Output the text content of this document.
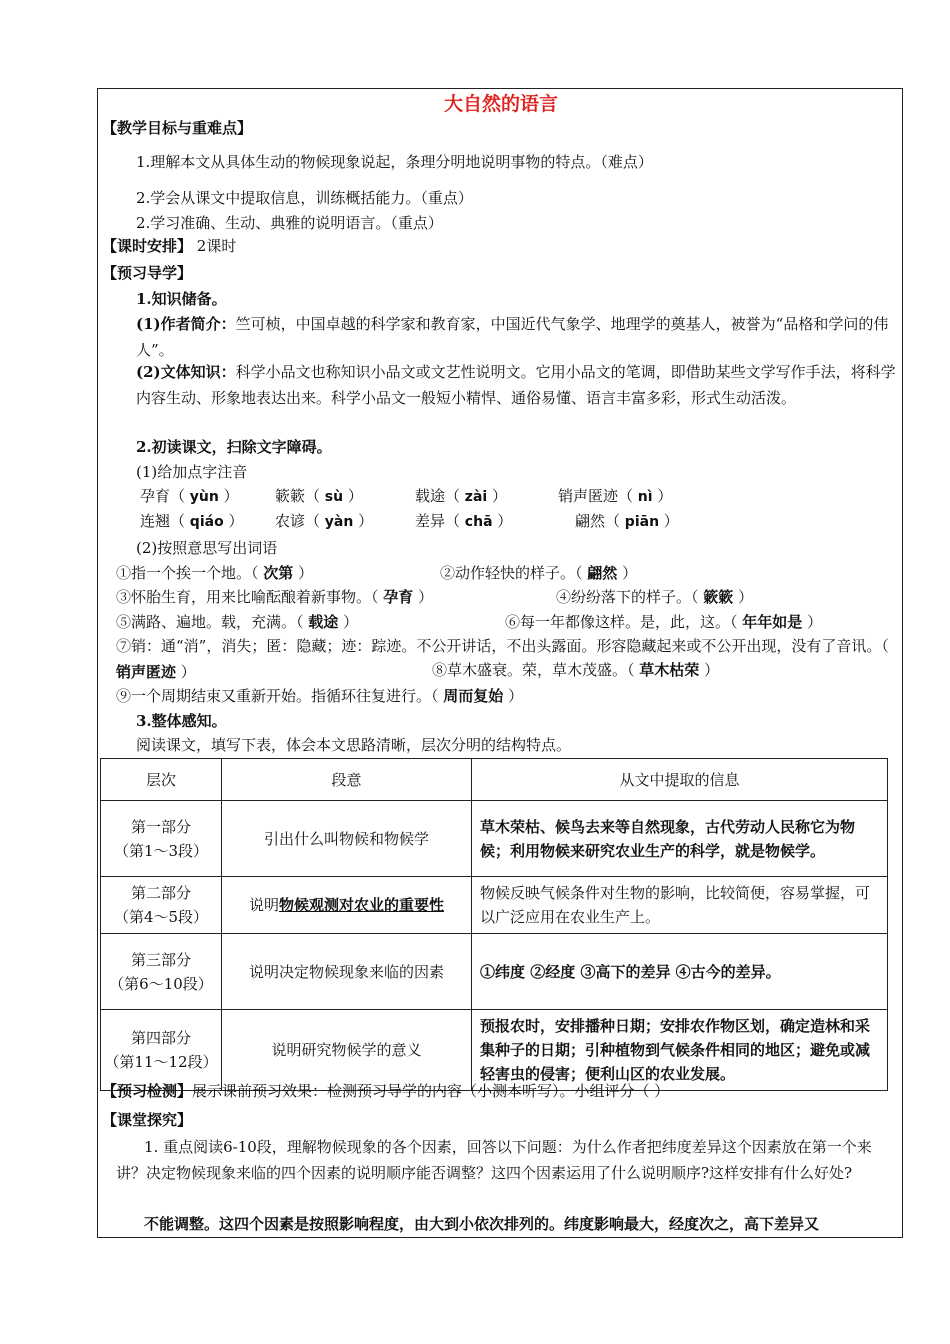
大自然的语言
【教学目标与重难点】
1.理解本文从具体生动的物候现象说起，条理分明地说明事物的特点。（难点）
2.学会从课文中提取信息，训练概括能力。（重点）
2.学习准确、生动、典雅的说明语言。（重点）
【课时安排】 2课时
【预习导学】
1.知识储备。
(1)作者简介：竺可桢，中国卓越的科学家和教育家，中国近代气象学、地理学的奠基人，被誉为“品格和学问的伟人”。
(2)文体知识：科学小品文也称知识小品文或文艺性说明文。它用小品文的笔调，即借助某些文学写作手法，将科学内容生动、形象地表达出来。科学小品文一般短小精悍、通俗易懂、语言丰富多彩，形式生动活泼。
2.初读课文，扫除文字障碍。
(1)给加点字注音
孕育（ yùn ） 簌簌（ sù ）	载途（ zài ）	销声匿迹（ nì ）
连翘（ qiáo ） 农谚（ yàn ）	差异（ chā ）	翩然（ piān ）
(2)按照意思写出词语
①指一个挨一个地。（ 次第 ）	②动作轻快的样子。（ 翩然 ）
③怀胎生育，用来比喻酝酿着新事物。（ 孕育 ）	④纷纷落下的样子。（ 簌簌 ）
⑤满路、遍地。载，充满。（ 载途 ）	⑥每一年都像这样。是，此，这。（ 年年如是 ）
⑦销：通“消”，消失；匿：隐藏；迹：踪迹。不公开讲话，不出头露面。形容隐藏起来或不公开出现，没有了音讯。（ 销声匿迹 ）	⑧草木盛衰。荣，草木茂盛。（ 草木枯荣 ）
⑨一个周期结束又重新开始。指循环往复进行。（ 周而复始 ）
3.整体感知。
阅读课文，填写下表，体会本文思路清晰，层次分明的结构特点。
层次	段意	从文中提取的信息
第一部分
（第1～3段）	引出什么叫物候和物候学	草木荣枯、候鸟去来等自然现象，古代劳动人民称它为物候；利用物候来研究农业生产的科学，就是物候学。
第二部分
（第4～5段）	说明物候观测对农业的重要性	物候反映气候条件对生物的影响，比较简便，容易掌握，可以广泛应用在农业生产上。
第三部分
（第6～10段）	说明决定物候现象来临的因素	①纬度 ②经度 ③高下的差异 ④古今的差异。
第四部分
（第11～12段）	说明研究物候学的意义	预报农时，安排播种日期；安排农作物区划，确定造林和采集种子的日期；引种植物到气候条件相同的地区；避免或减轻害虫的侵害；便利山区的农业发展。
【预习检测】展示课前预习效果：检测预习导学的内容（小测本听写）。小组评分（ ）
【课堂探究】
1. 重点阅读6-10段，理解物候现象的各个因素，回答以下问题：为什么作者把纬度差异这个因素放在第一个来讲？决定物候现象来临的四个因素的说明顺序能否调整？这四个因素运用了什么说明顺序?这样安排有什么好处?
不能调整。这四个因素是按照影响程度，由大到小依次排列的。纬度影响最大，经度次之，高下差异又
